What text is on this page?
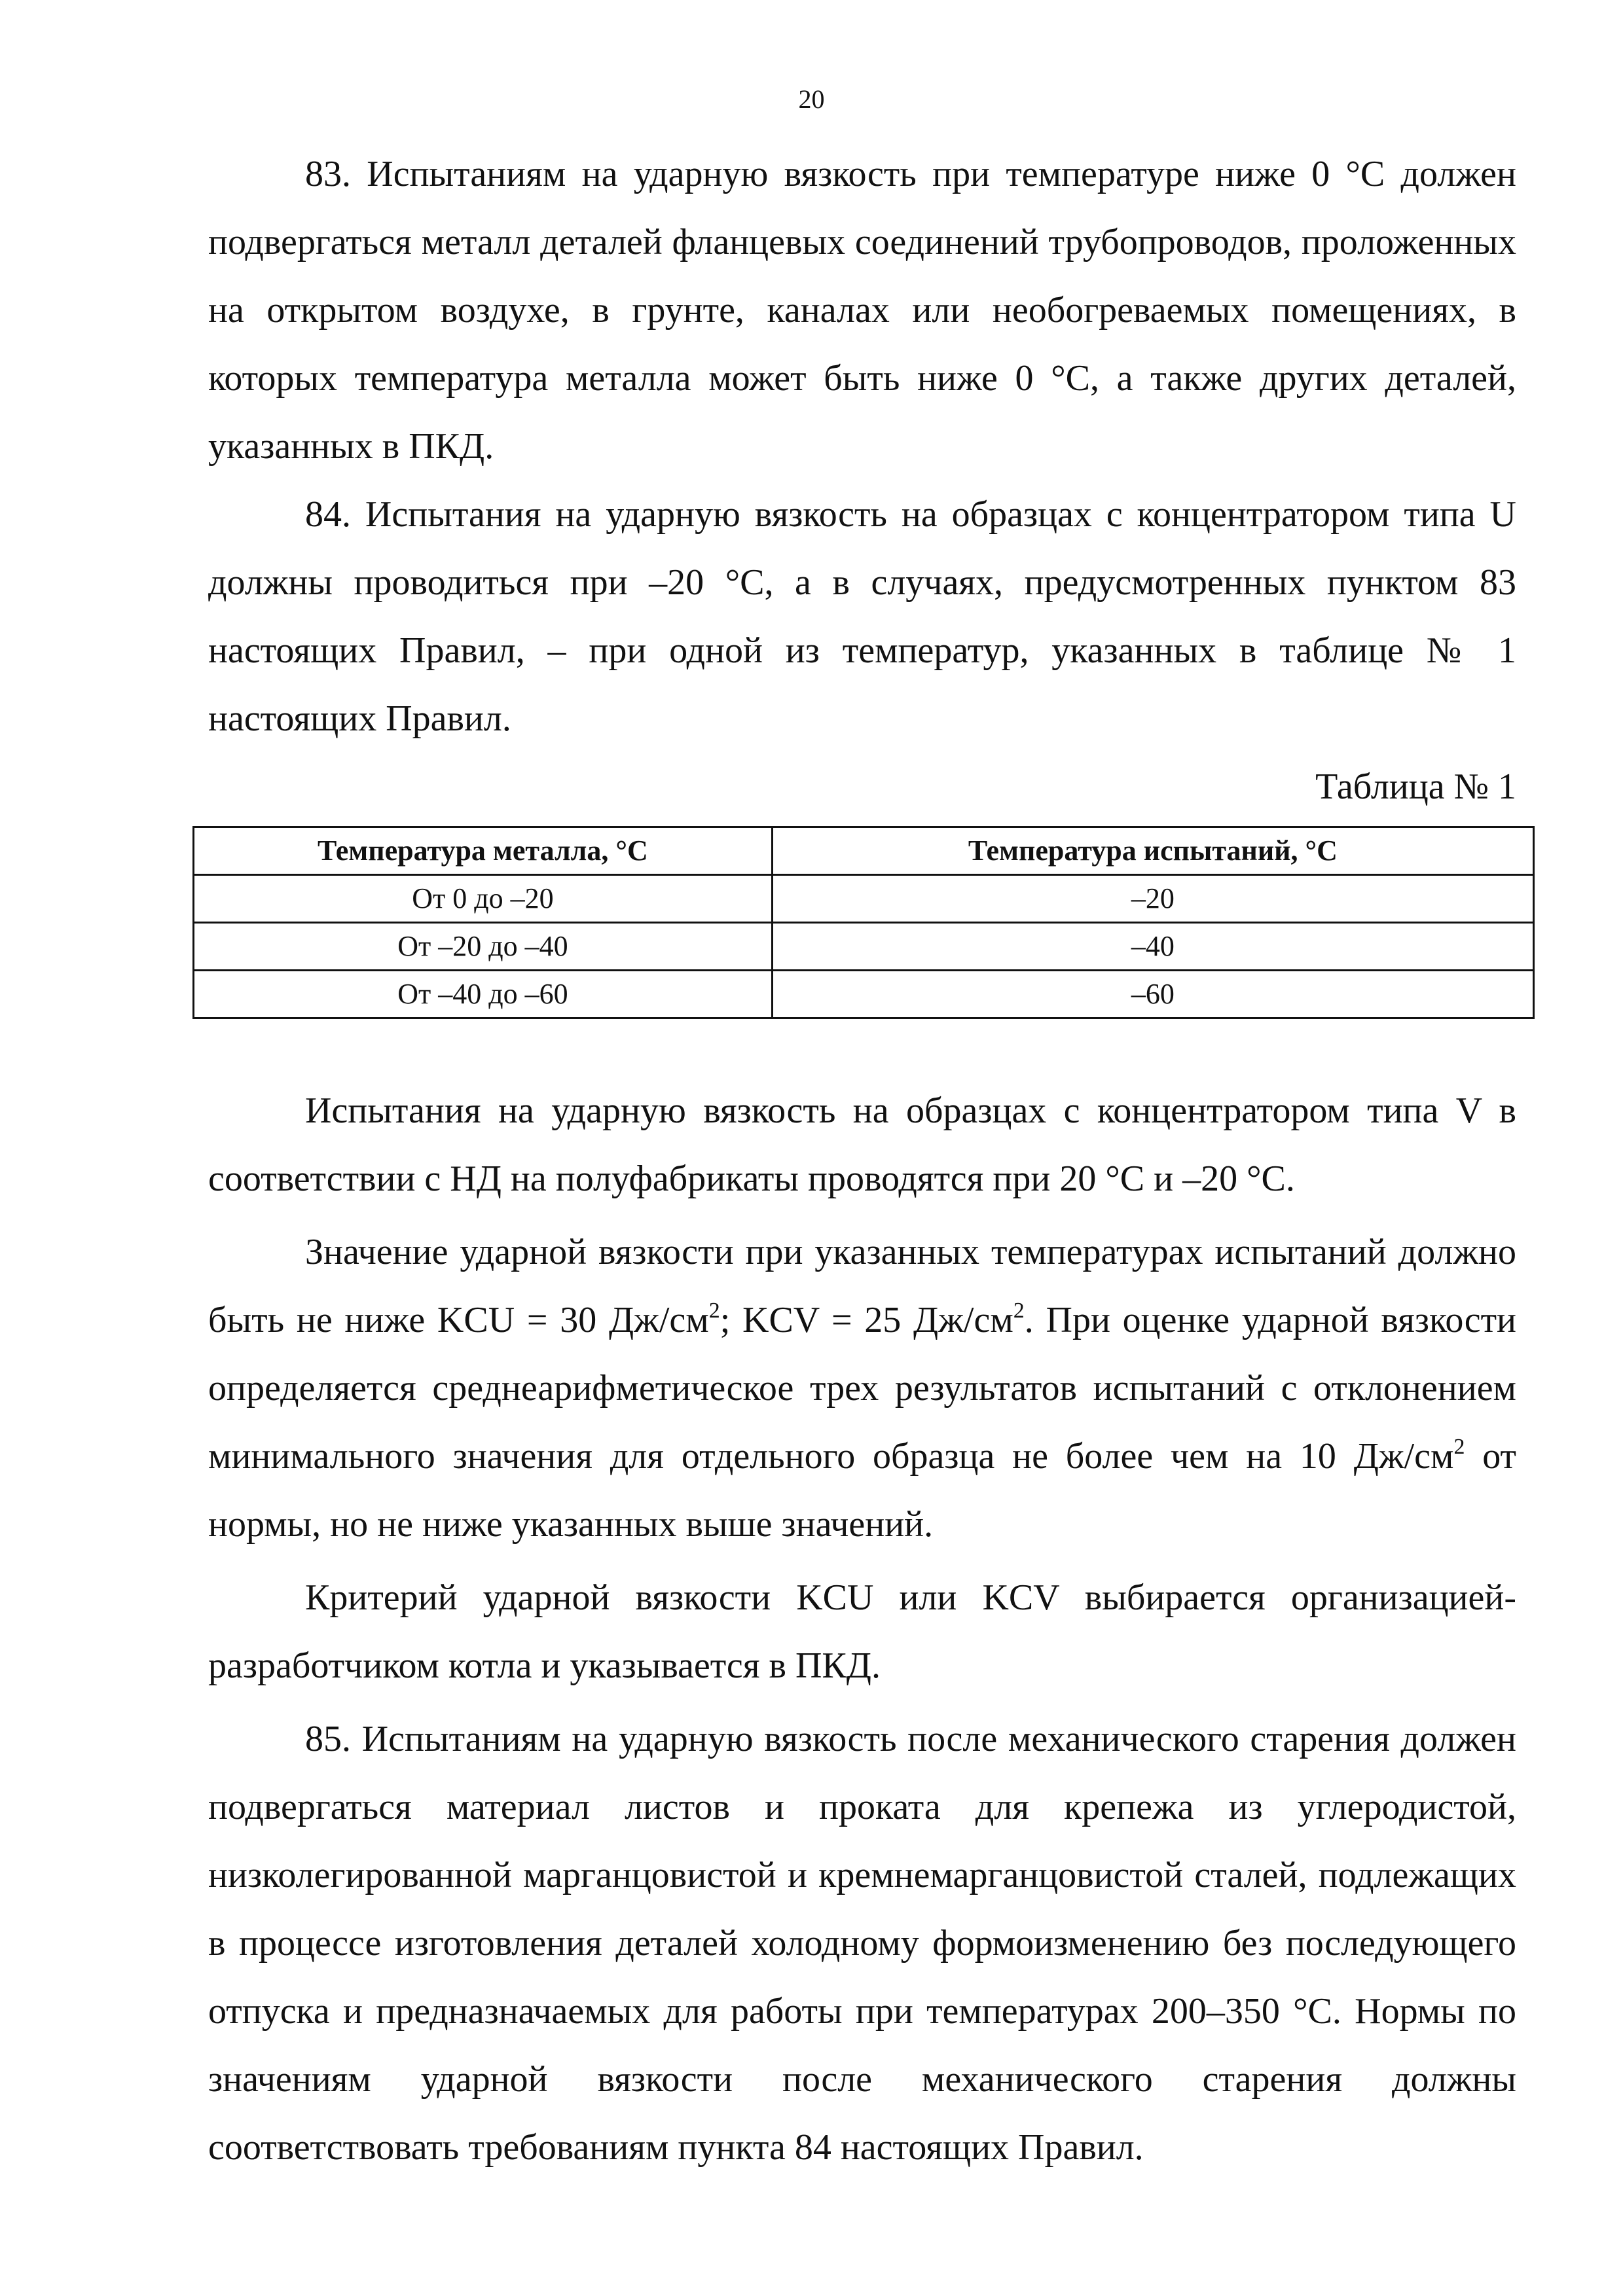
20

83. Испытаниям на ударную вязкость при температуре ниже 0 °С должен подвергаться металл деталей фланцевых соединений трубопроводов, проложенных на открытом воздухе, в грунте, каналах или необогреваемых помещениях, в которых температура металла может быть ниже 0 °С, а также других деталей, указанных в ПКД.

84. Испытания на ударную вязкость на образцах с концентратором типа U должны проводиться при –20 °С, а в случаях, предусмотренных пунктом 83 настоящих Правил, – при одной из температур, указанных в таблице № 1 настоящих Правил.

Таблица № 1

Температура металла, °С	Температура испытаний, °С
От 0 до –20	–20
От –20 до –40	–40
От –40 до –60	–60

Испытания на ударную вязкость на образцах с концентратором типа V в соответствии с НД на полуфабрикаты проводятся при 20 °С и –20 °С.

Значение ударной вязкости при указанных температурах испытаний должно быть не ниже KCU = 30 $Дж/см^2$; KCV = 25 $Дж/см^2$. При оценке ударной вязкости определяется среднеарифметическое трех результатов испытаний с отклонением минимального значения для отдельного образца не более чем на 10 $Дж/см^2$ от нормы, но не ниже указанных выше значений.

Критерий ударной вязкости KCU или KCV выбирается организацией-разработчиком котла и указывается в ПКД.

85. Испытаниям на ударную вязкость после механического старения должен подвергаться материал листов и проката для крепежа из углеродистой, низколегированной марганцовистой и кремнемарганцовистой сталей, подлежащих в процессе изготовления деталей холодному формоизменению без последующего отпуска и предназначаемых для работы при температурах 200–350 °С. Нормы по значениям ударной вязкости после механического старения должны соответствовать требованиям пункта 84 настоящих Правил.
